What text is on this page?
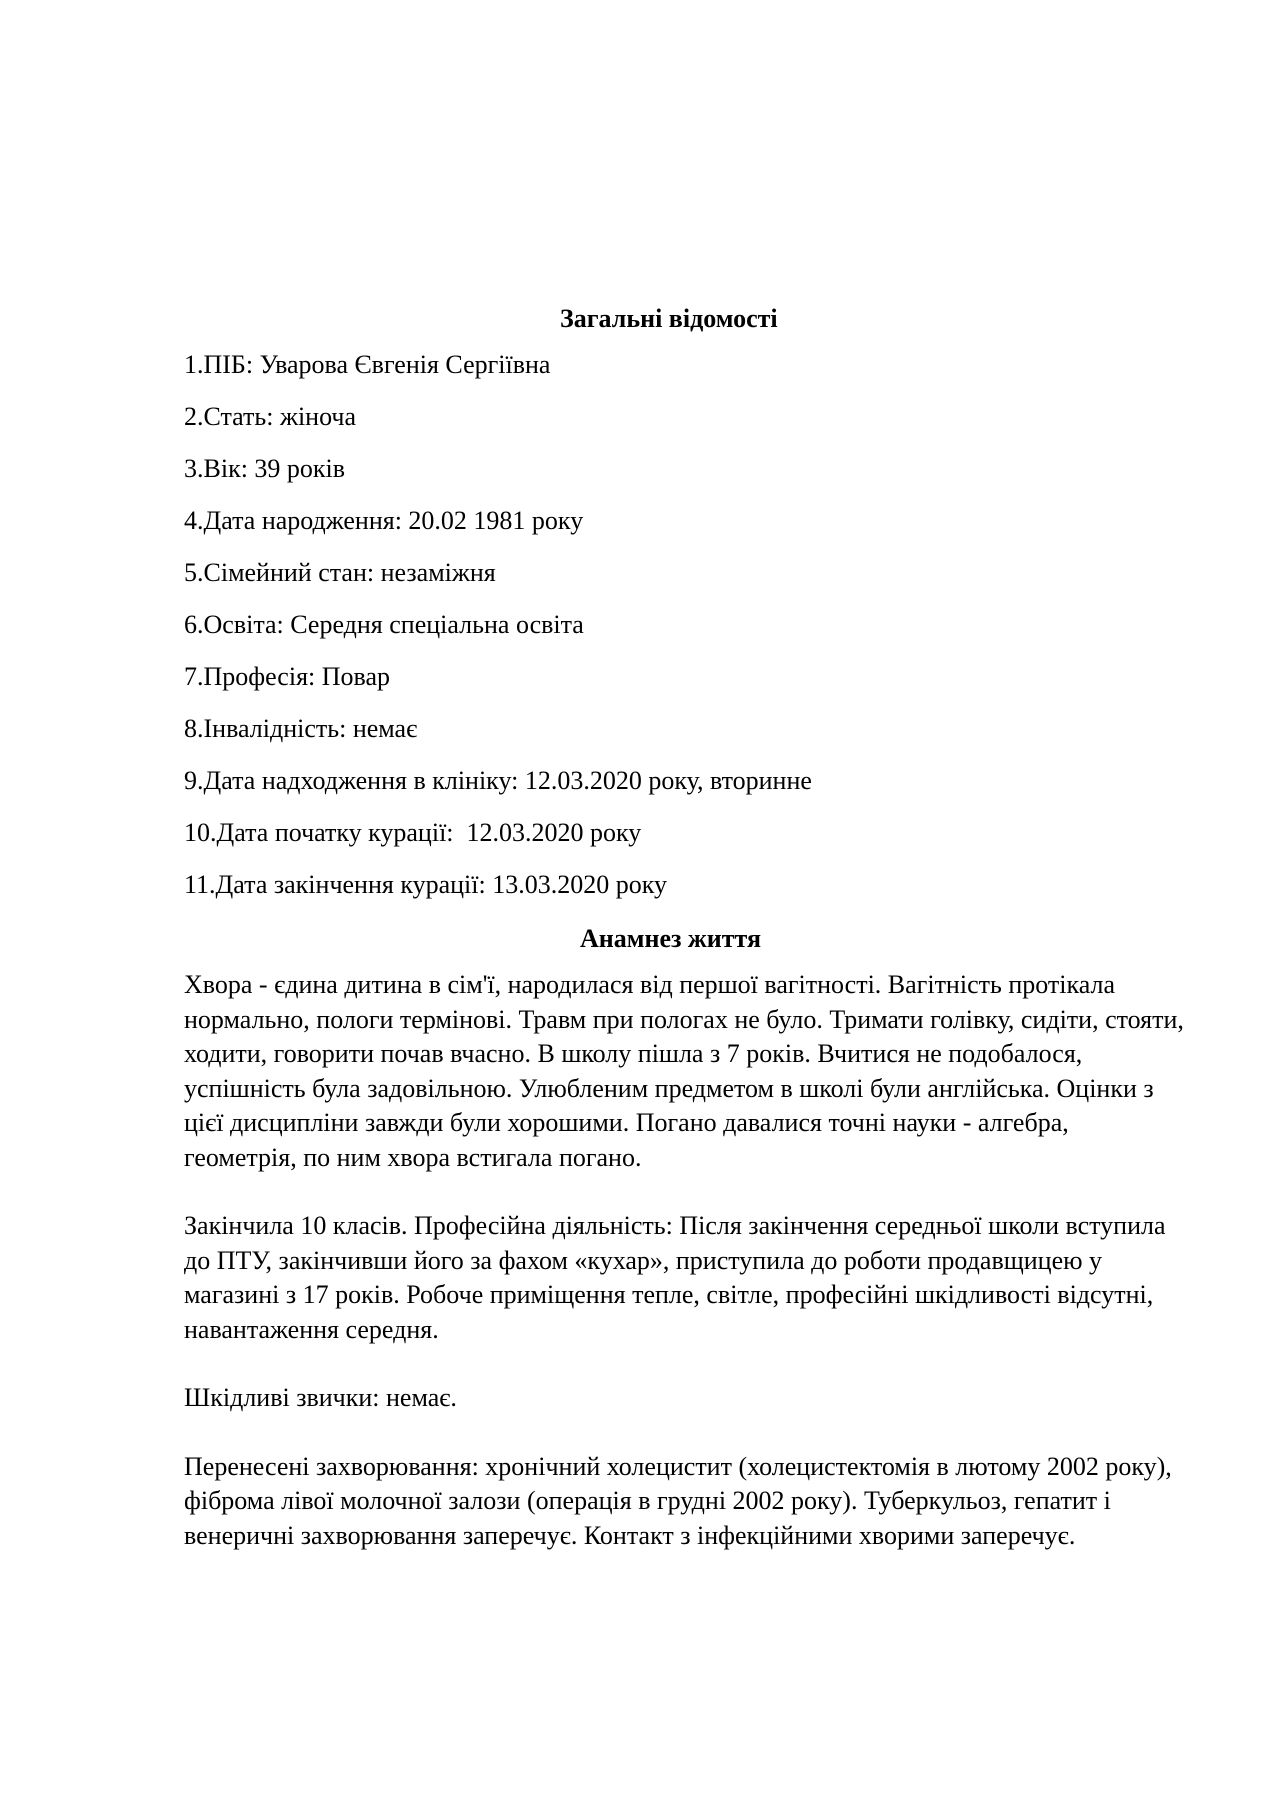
Загальні відомості
1.ПІБ: Уварова Євгенія Сергіївна
2.Стать: жіноча
3.Вік: 39 років
4.Дата народження: 20.02 1981 року
5.Сімейний стан: незаміжня
6.Освіта: Середня спеціальна освіта
7.Професія: Повар
8.Інвалідність: немає
9.Дата надходження в клініку: 12.03.2020 року, вторинне
10.Дата початку курації:  12.03.2020 року
11.Дата закінчення курації: 13.03.2020 року
Анамнез життя

Хвора - єдина дитина в сім'ї, народилася від першої вагітності. Вагітність протікала нормально, пологи термінові. Травм при пологах не було. Тримати голівку, сидіти, стояти, ходити, говорити почав вчасно. В школу пішла з 7 років. Вчитися не подобалося, успішність була задовільною. Улюбленим предметом в школі були англійська. Оцінки з цієї дисципліни завжди були хорошими. Погано давалися точні науки - алгебра, геометрія, по ним хвора встигала погано.

Закінчила 10 класів. Професійна діяльність: Після закінчення середньої школи вступила до ПТУ, закінчивши його за фахом «кухар», приступила до роботи продавщицею у магазині з 17 років. Робоче приміщення тепле, світле, професійні шкідливості відсутні, навантаження середня.

Шкідливі звички: немає.

Перенесені захворювання: хронічний холецистит (холецистектомія в лютому 2002 року), фіброма лівої молочної залози (операція в грудні 2002 року). Туберкульоз, гепатит і венеричні захворювання заперечує. Контакт з інфекційними хворими заперечує.
